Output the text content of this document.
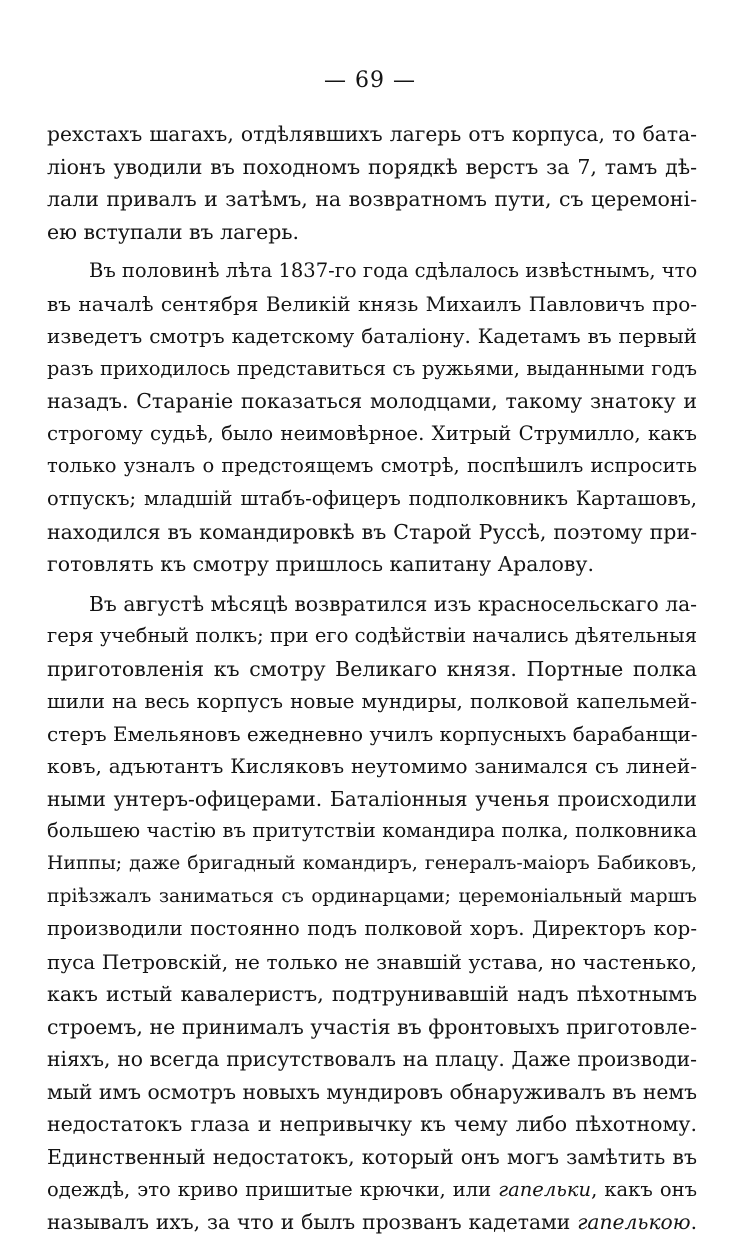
— 69 —
рехстахъ шагахъ, отдѣлявшихъ лагерь отъ корпуса, то бата-
ліонъ уводили въ походномъ порядкѣ верстъ за 7, тамъ дѣ-
лали привалъ и затѣмъ, на возвратномъ пути, съ церемоні-
ею вступали въ лагерь.
Въ половинѣ лѣта 1837-го года сдѣлалось извѣстнымъ, что
въ началѣ сентября Великій князь Михаилъ Павловичъ про-
изведетъ смотръ кадетскому баталіону. Кадетамъ въ первый
разъ приходилось представиться съ ружьями, выданными годъ
назадъ. Стараніе показаться молодцами, такому знатоку и
строгому судьѣ, было неимовѣрное. Хитрый Струмилло, какъ
только узналъ о предстоящемъ смотрѣ, поспѣшилъ испросить
отпускъ; младшій штабъ-офицеръ подполковникъ Карташовъ,
находился въ командировкѣ въ Старой Руссѣ, поэтому при-
готовлять къ смотру пришлось капитану Аралову.
Въ августѣ мѣсяцѣ возвратился изъ красносельскаго ла-
геря учебный полкъ; при его содѣйствіи начались дѣятельныя
приготовленія къ смотру Великаго князя. Портные полка
шили на весь корпусъ новые мундиры, полковой капельмей-
стеръ Емельяновъ ежедневно училъ корпусныхъ барабанщи-
ковъ, адъютантъ Кисляковъ неутомимо занимался съ линей-
ными унтеръ-офицерами. Баталіонныя ученья происходили
большею частію въ притутствіи командира полка, полковника
Ниппы; даже бригадный командиръ, генералъ-маіоръ Бабиковъ,
пріѣзжалъ заниматься съ ординарцами; церемоніальный маршъ
производили постоянно подъ полковой хоръ. Директоръ кор-
пуса Петровскій, не только не знавшій устава, но частенько,
какъ истый кавалеристъ, подтрунивавшій надъ пѣхотнымъ
строемъ, не принималъ участія въ фронтовыхъ приготовле-
ніяхъ, но всегда присутствовалъ на плацу. Даже производи-
мый имъ осмотръ новыхъ мундировъ обнаруживалъ въ немъ
недостатокъ глаза и непривычку къ чему либо пѣхотному.
Единственный недостатокъ, который онъ могъ замѣтить въ
одеждѣ, это криво пришитые крючки, или гапельки, какъ онъ
называлъ ихъ, за что и былъ прозванъ кадетами гапелькою.
